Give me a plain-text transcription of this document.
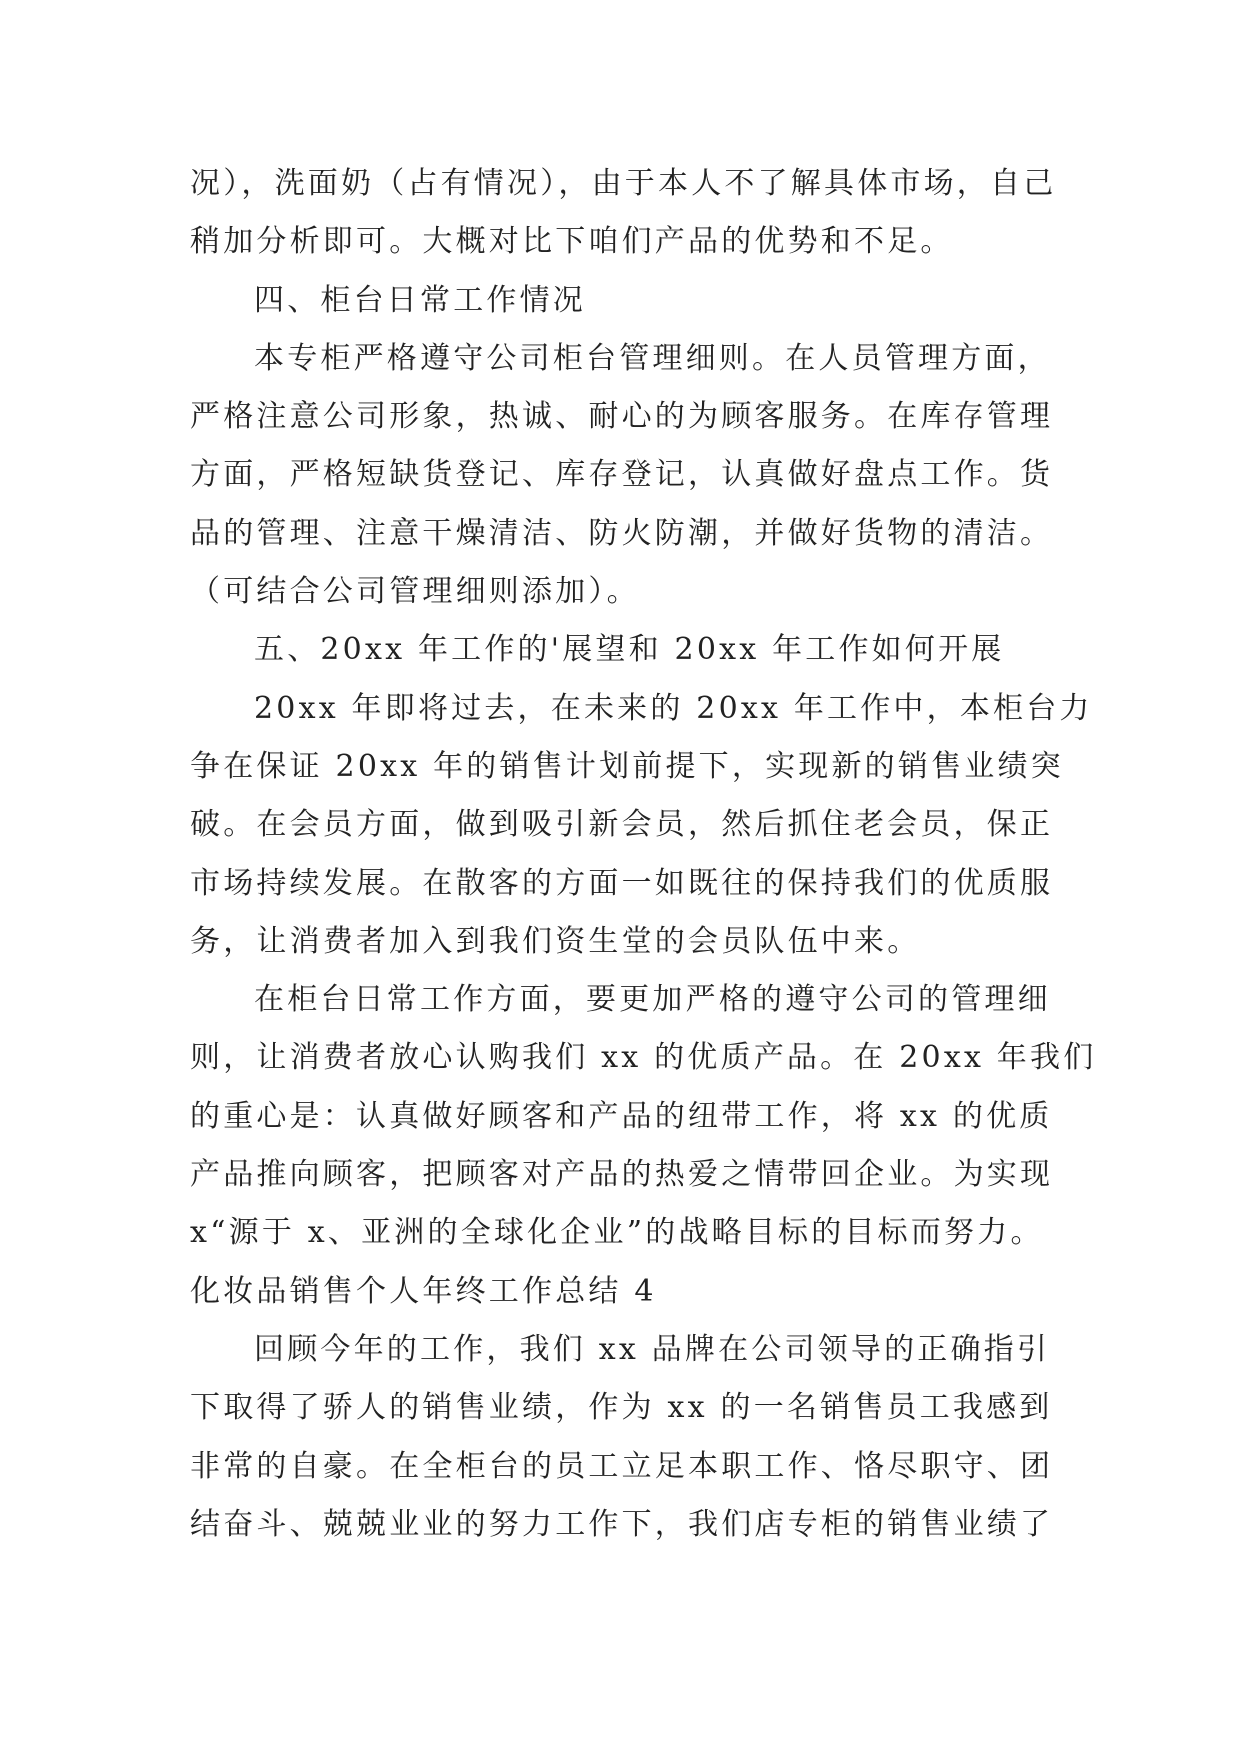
况），洗面奶（占有情况），由于本人不了解具体市场，自己
稍加分析即可。大概对比下咱们产品的优势和不足。
四、柜台日常工作情况
本专柜严格遵守公司柜台管理细则。在人员管理方面，
严格注意公司形象，热诚、耐心的为顾客服务。在库存管理
方面，严格短缺货登记、库存登记，认真做好盘点工作。货
品的管理、注意干燥清洁、防火防潮，并做好货物的清洁。
（可结合公司管理细则添加）。
五、20xx 年工作的'展望和 20xx 年工作如何开展
20xx 年即将过去，在未来的 20xx 年工作中，本柜台力
争在保证 20xx 年的销售计划前提下，实现新的销售业绩突
破。在会员方面，做到吸引新会员，然后抓住老会员，保正
市场持续发展。在散客的方面一如既往的保持我们的优质服
务，让消费者加入到我们资生堂的会员队伍中来。
在柜台日常工作方面，要更加严格的遵守公司的管理细
则，让消费者放心认购我们 xx 的优质产品。在 20xx 年我们
的重心是：认真做好顾客和产品的纽带工作，将 xx 的优质
产品推向顾客，把顾客对产品的热爱之情带回企业。为实现
x“源于 x、亚洲的全球化企业”的战略目标的目标而努力。
化妆品销售个人年终工作总结 4
回顾今年的工作，我们 xx 品牌在公司领导的正确指引
下取得了骄人的销售业绩，作为 xx 的一名销售员工我感到
非常的自豪。在全柜台的员工立足本职工作、恪尽职守、团
结奋斗、兢兢业业的努力工作下，我们店专柜的销售业绩了
